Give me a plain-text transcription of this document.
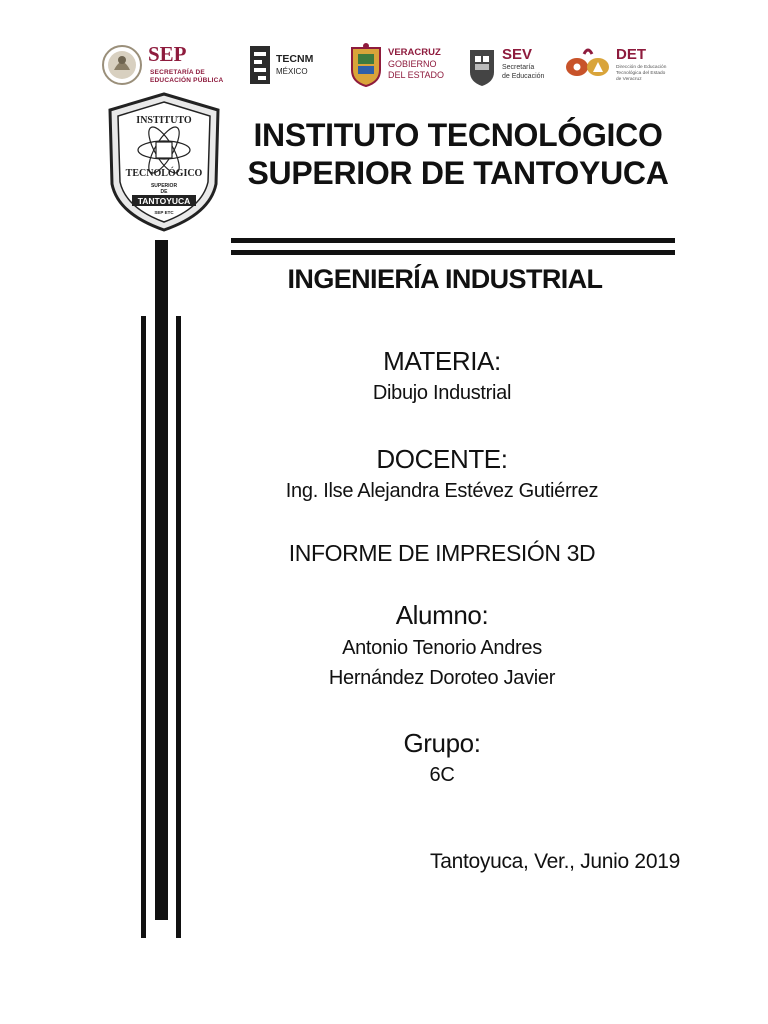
SEP
SECRETARÍA DE
EDUCACIÓN PÚBLICA
TECNM
MÉXICO
VERACRUZ
GOBIERNO
DEL ESTADO
SEV
Secretaría
de Educación
DET
Dirección de Educación
Tecnológica del Estado
de Veracruz
INSTITUTO
TECNOLÓGICO
SUPERIOR
DE
TANTOYUCA
SEP ETC
INSTITUTO TECNOLÓGICO
SUPERIOR DE TANTOYUCA
INGENIERÍA INDUSTRIAL
MATERIA:
Dibujo Industrial
DOCENTE:
Ing. Ilse Alejandra Estévez Gutiérrez
INFORME DE IMPRESIÓN 3D
Alumno:
Antonio Tenorio Andres
Hernández Doroteo Javier
Grupo:
6C
Tantoyuca, Ver., Junio 2019
